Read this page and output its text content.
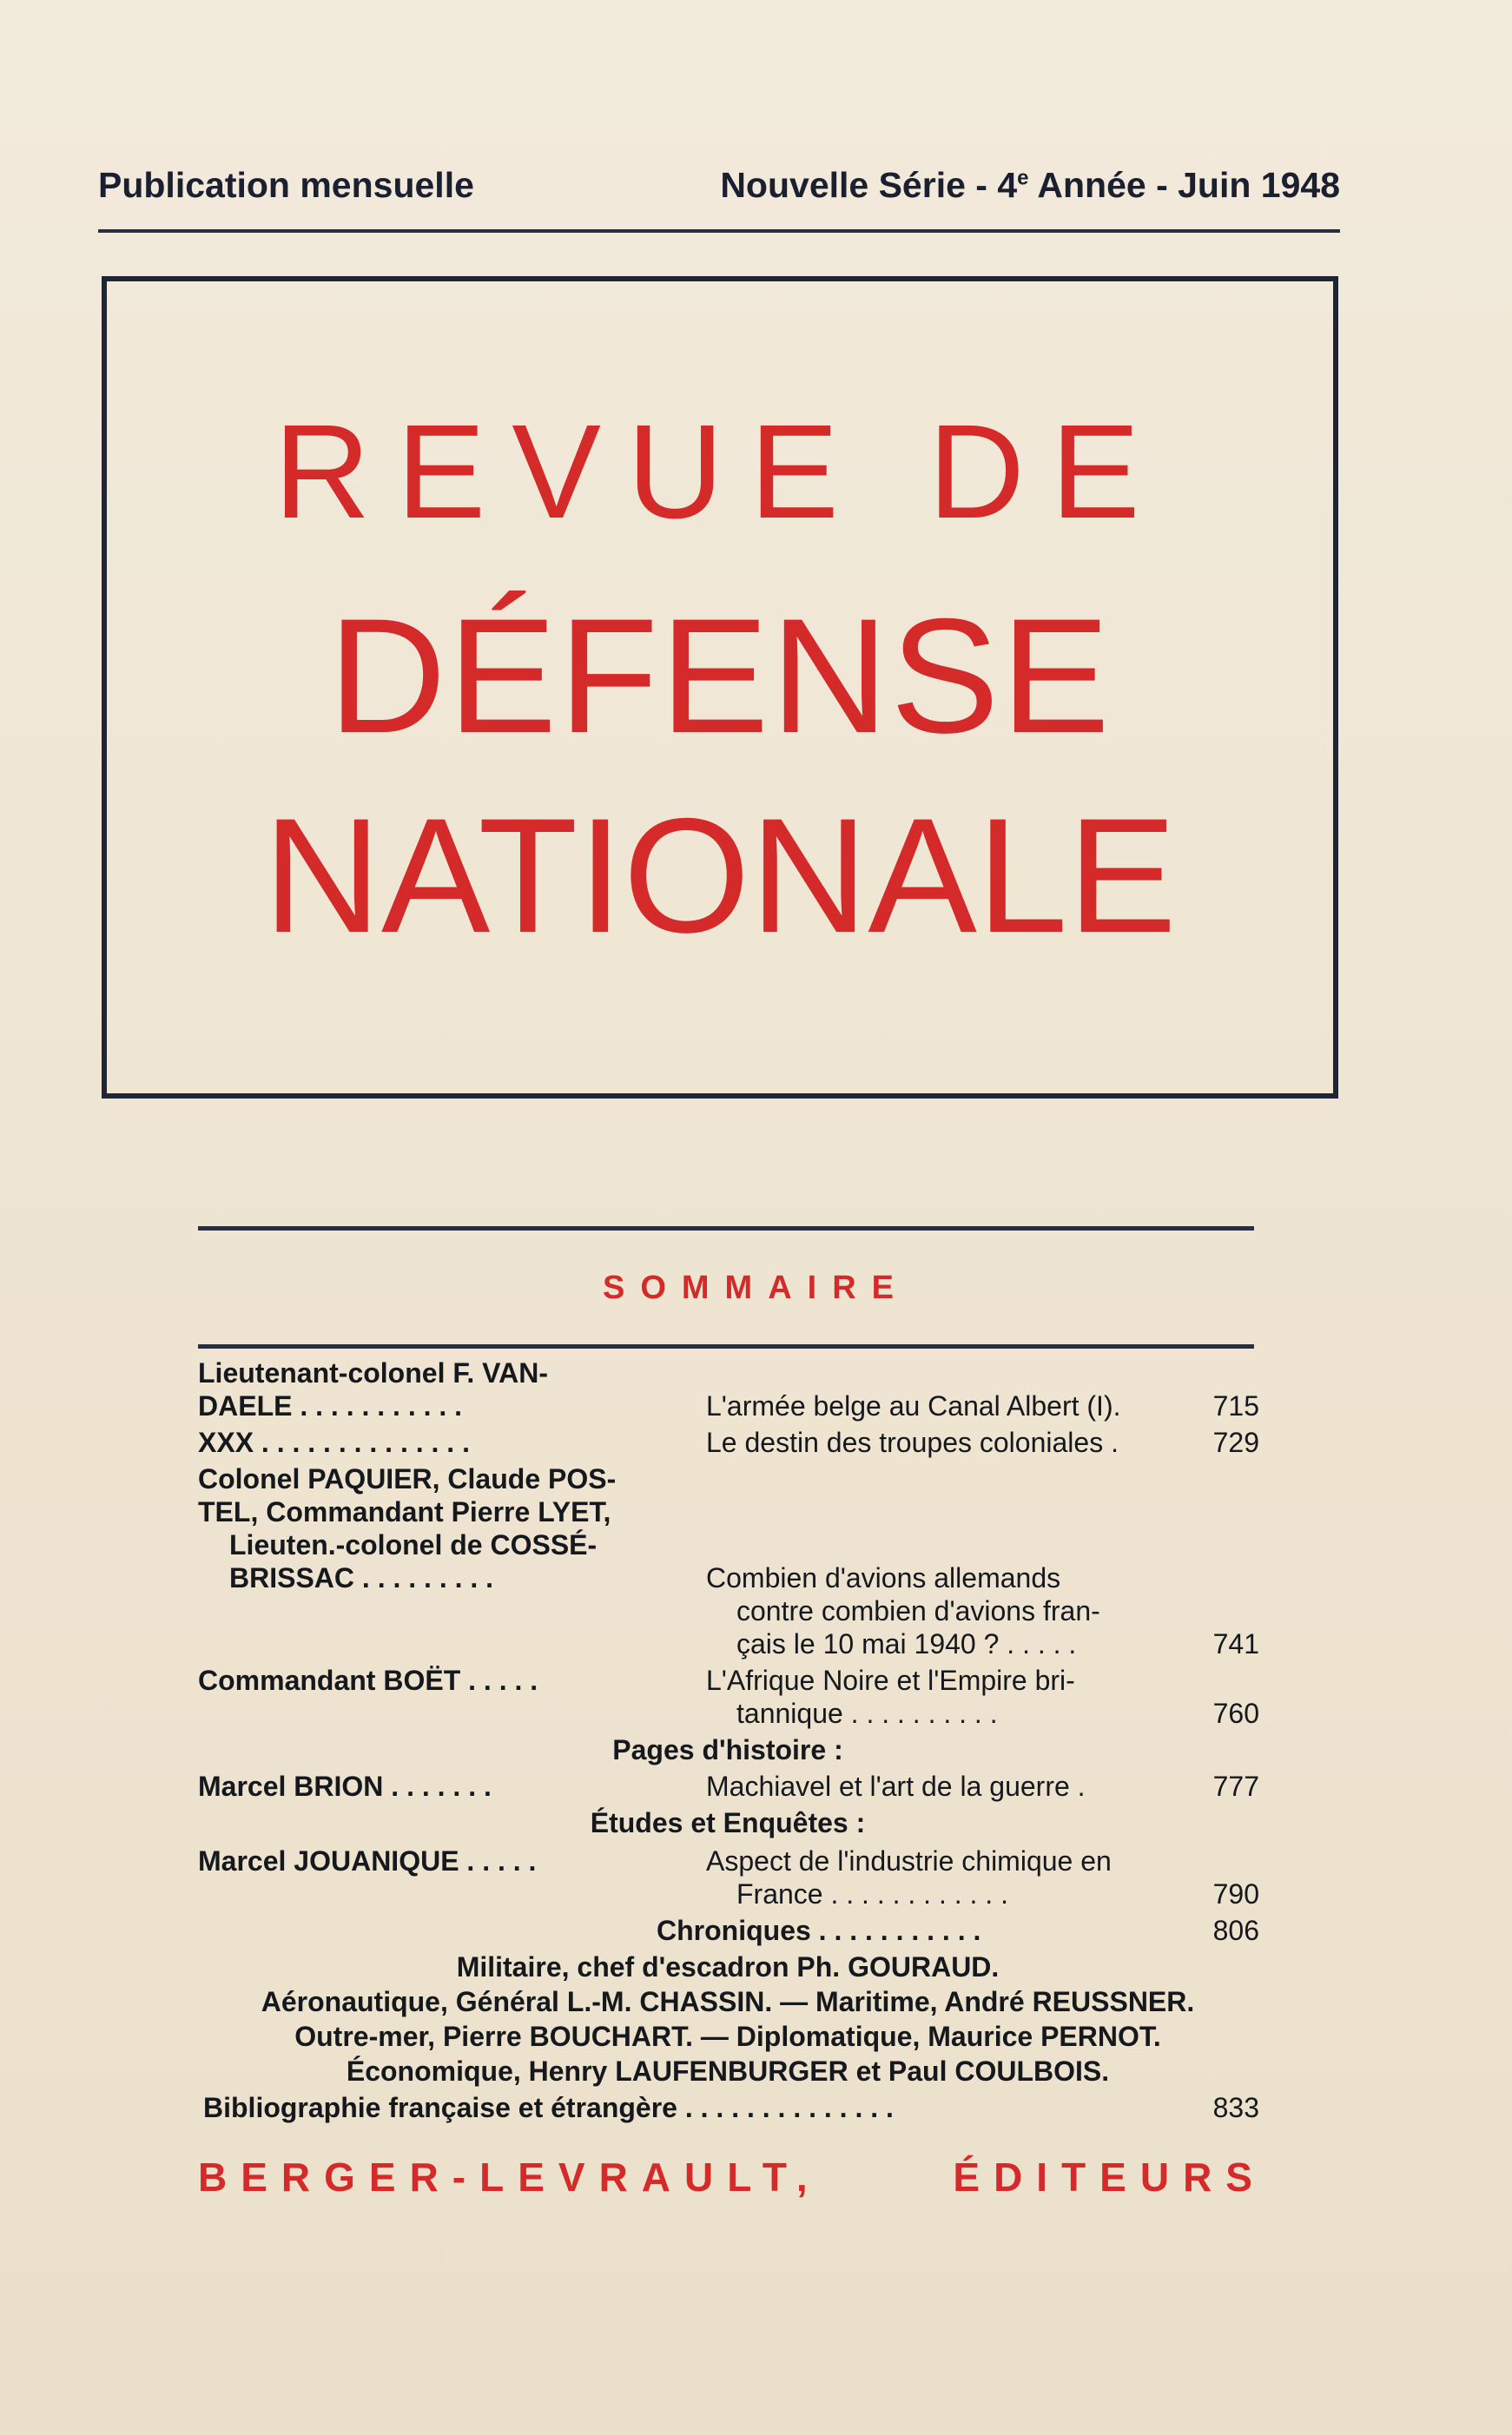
Publication mensuelle	Nouvelle Série - 4e Année - Juin 1948
REVUE DE
DÉFENSE
NATIONALE
SOMMAIRE
Lieutenant-colonel F. VAN-
DAELE . . . . . . . . . . .	L'armée belge au Canal Albert (I).	715
XXX . . . . . . . . . . . . . .	Le destin des troupes coloniales .	729
Colonel PAQUIER, Claude POS-
TEL, Commandant Pierre LYET,
Lieuten.-colonel de COSSÉ-
BRISSAC . . . . . . . . .	Combien d'avions allemands
contre combien d'avions fran-
çais le 10 mai 1940 ? . . . . .	741
Commandant BOËT . . . . .	L'Afrique Noire et l'Empire bri-
tannique . . . . . . . . . .	760
Pages d'histoire :
Marcel BRION . . . . . . .	Machiavel et l'art de la guerre .	777
Études et Enquêtes :
Marcel JOUANIQUE . . . . .	Aspect de l'industrie chimique en
France . . . . . . . . . . . .	790
Chroniques . . . . . . . . . . .	806
Militaire, chef d'escadron Ph. GOURAUD.
Aéronautique, Général L.-M. CHASSIN. — Maritime, André REUSSNER.
Outre-mer, Pierre BOUCHART. — Diplomatique, Maurice PERNOT.
Économique, Henry LAUFENBURGER et Paul COULBOIS.
Bibliographie française et étrangère . . . . . . . . . . . . . .	833
BERGER-LEVRAULT,	ÉDITEURS
